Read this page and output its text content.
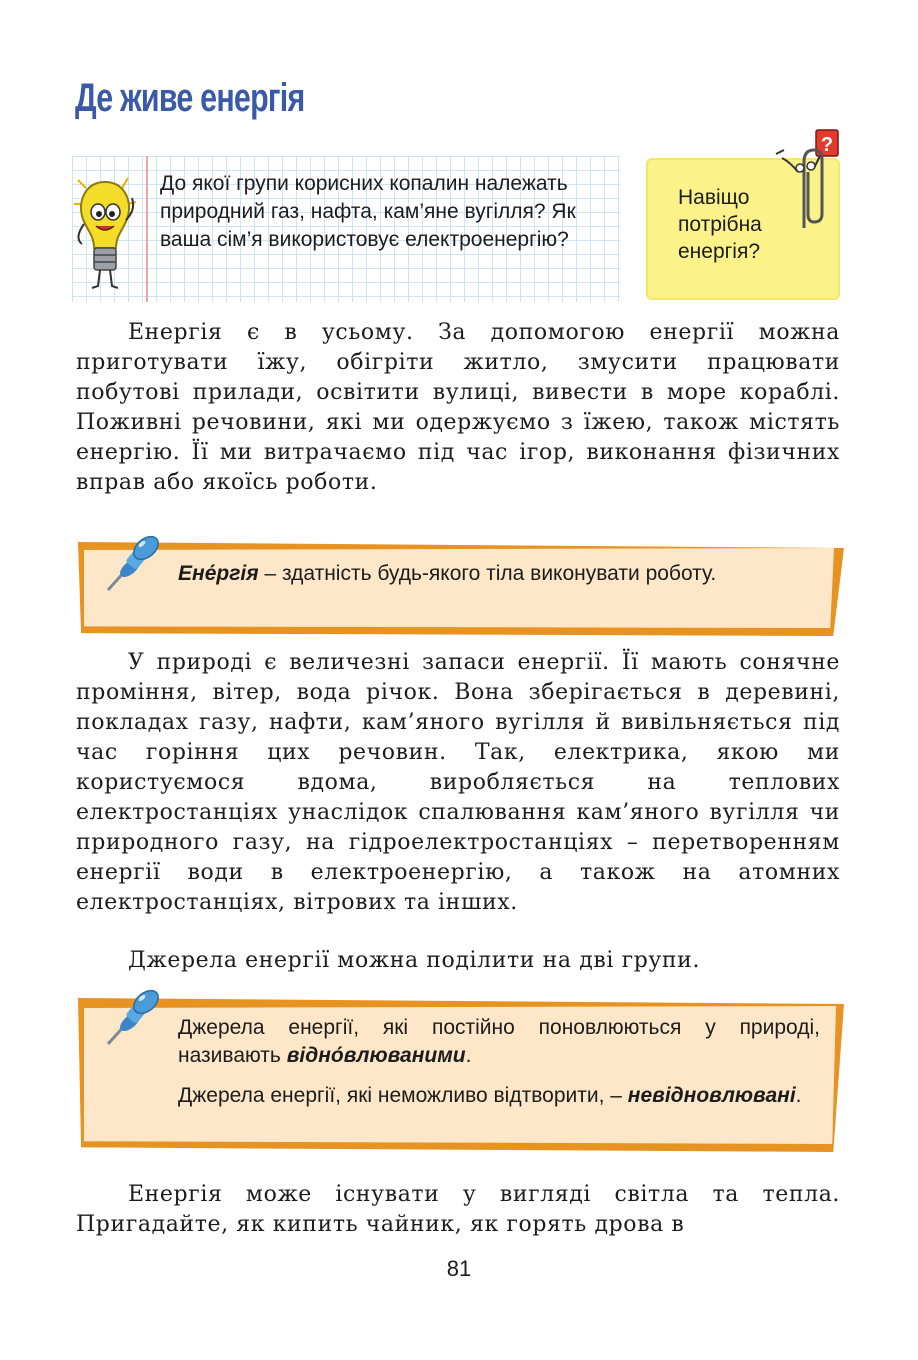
Де живе енергія
До якої групи корисних копалин належать природний газ, нафта, кам’яне вугілля? Як ваша сім’я використовує електроенергію?
Навіщо потрібна енергія?
?

Енергія є в усьому. За допомогою енергії можна приготувати їжу, обігріти житло, змусити працювати побутові прилади, освітити вулиці, вивести в море кораблі. Поживні речовини, які ми одержуємо з їжею, також містять енергію. Її ми витрачаємо під час ігор, виконання фізичних вправ або якоїсь роботи.

Ене́ргія – здатність будь-якого тіла виконувати роботу.

У природі є величезні запаси енергії. Її мають сонячне проміння, вітер, вода річок. Вона зберігається в деревині, покладах газу, нафти, кам’яного вугілля й вивільняється під час горіння цих речовин. Так, електрика, якою ми користуємося вдома, виробляється на теплових електростанціях унаслідок спалювання кам’яного вугілля чи природного газу, на гідроелектростанціях – перетворенням енергії води в електроенергію, а також на атомних електростанціях, вітрових та інших.

Джерела енергії можна поділити на дві групи.

Джерела енергії, які постійно поновлюються у природі, називають відно́влюваними.
Джерела енергії, які неможливо відтворити, – невідновлювані.

Енергія може існувати у вигляді світла та тепла. Пригадайте, як кипить чайник, як горять дрова в

81
